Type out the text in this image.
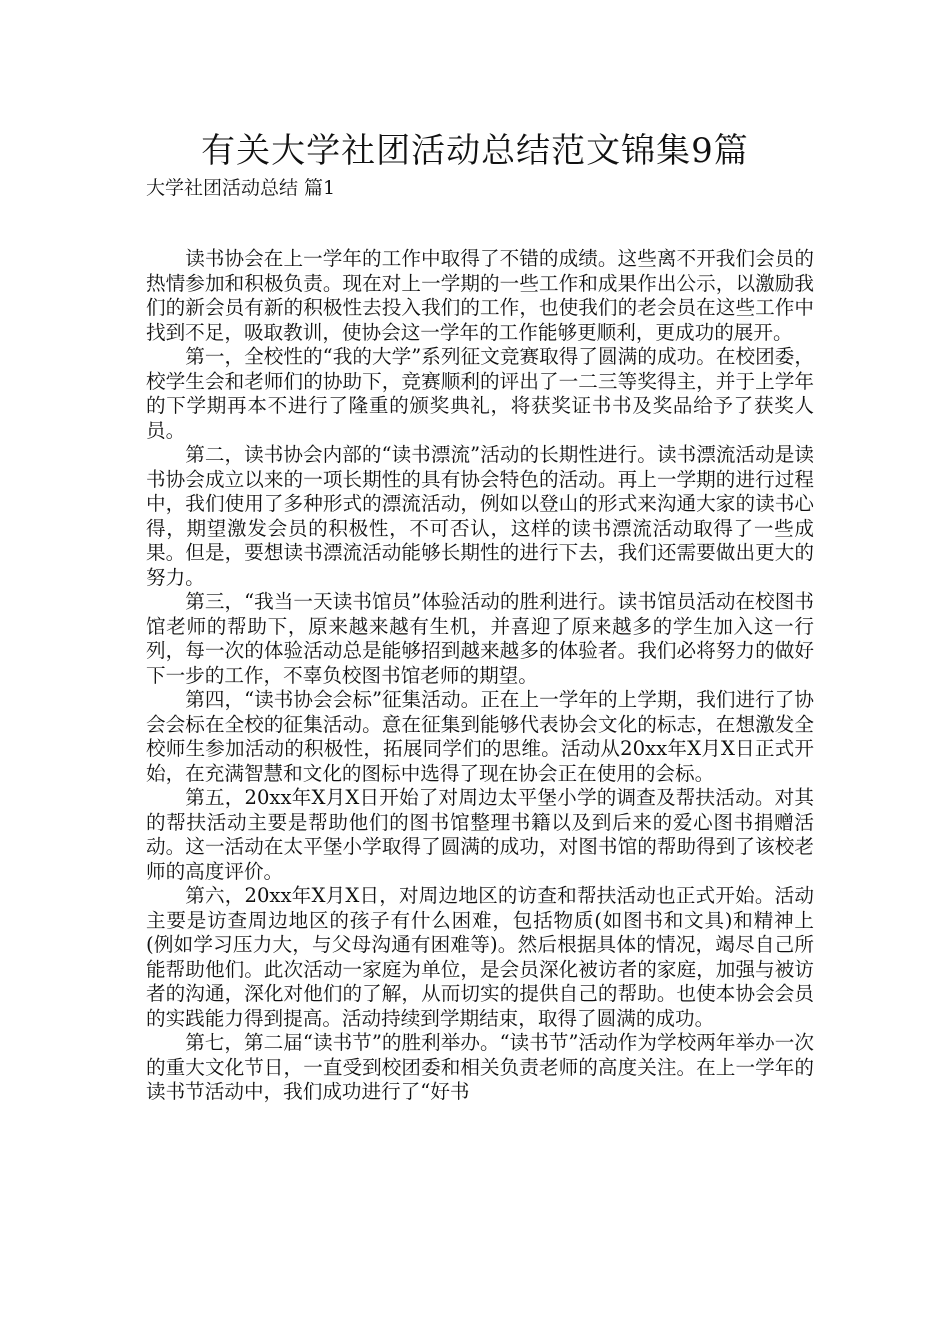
有关大学社团活动总结范文锦集9篇
大学社团活动总结 篇1

读书协会在上一学年的工作中取得了不错的成绩。这些离不开我们会员的热情参加和积极负责。现在对上一学期的一些工作和成果作出公示，以激励我们的新会员有新的积极性去投入我们的工作，也使我们的老会员在这些工作中找到不足，吸取教训，使协会这一学年的工作能够更顺利，更成功的展开。

第一，全校性的“我的大学”系列征文竞赛取得了圆满的成功。在校团委，校学生会和老师们的协助下，竞赛顺利的评出了一二三等奖得主，并于上学年的下学期再本不进行了隆重的颁奖典礼，将获奖证书书及奖品给予了获奖人员。

第二，读书协会内部的“读书漂流”活动的长期性进行。读书漂流活动是读书协会成立以来的一项长期性的具有协会特色的活动。再上一学期的进行过程中，我们使用了多种形式的漂流活动，例如以登山的形式来沟通大家的读书心得，期望激发会员的积极性，不可否认，这样的读书漂流活动取得了一些成果。但是，要想读书漂流活动能够长期性的进行下去，我们还需要做出更大的努力。

第三，“我当一天读书馆员”体验活动的胜利进行。读书馆员活动在校图书馆老师的帮助下，原来越来越有生机，并喜迎了原来越多的学生加入这一行列，每一次的体验活动总是能够招到越来越多的体验者。我们必将努力的做好下一步的工作，不辜负校图书馆老师的期望。

第四，“读书协会会标”征集活动。正在上一学年的上学期，我们进行了协会会标在全校的征集活动。意在征集到能够代表协会文化的标志，在想激发全校师生参加活动的积极性，拓展同学们的思维。活动从20xx年X月X日正式开始，在充满智慧和文化的图标中选得了现在协会正在使用的会标。

第五，20xx年X月X日开始了对周边太平堡小学的调查及帮扶活动。对其的帮扶活动主要是帮助他们的图书馆整理书籍以及到后来的爱心图书捐赠活动。这一活动在太平堡小学取得了圆满的成功，对图书馆的帮助得到了该校老师的高度评价。

第六，20xx年X月X日，对周边地区的访查和帮扶活动也正式开始。活动主要是访查周边地区的孩子有什么困难，包括物质(如图书和文具)和精神上(例如学习压力大，与父母沟通有困难等)。然后根据具体的情况，竭尽自己所能帮助他们。此次活动一家庭为单位，是会员深化被访者的家庭，加强与被访者的沟通，深化对他们的了解，从而切实的提供自己的帮助。也使本协会会员的实践能力得到提高。活动持续到学期结束，取得了圆满的成功。

第七，第二届“读书节”的胜利举办。“读书节”活动作为学校两年举办一次的重大文化节日，一直受到校团委和相关负责老师的高度关注。在上一学年的读书节活动中，我们成功进行了“好书
